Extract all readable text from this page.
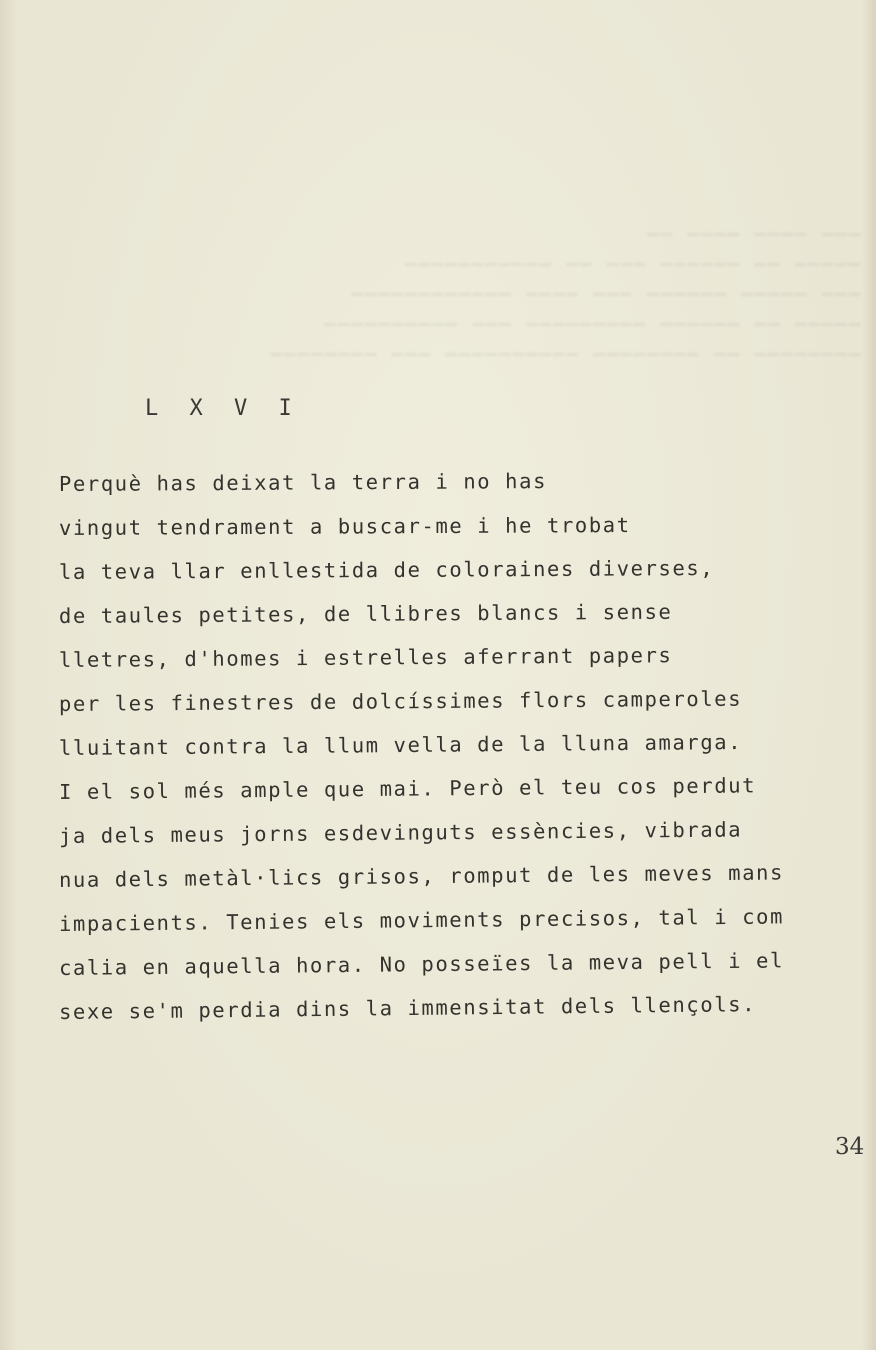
━━━ ━━━━ ━━━━ ━━
━━━━━ ━━ ━━━━━━ ━━━ ━━ ━━━━━━━━━━━
━━━ ━━━━━ ━━━━━━ ━━━ ━━━━ ━━━━━━━━━━━━
━━━━━ ━━ ━━━━━━ ━━━━━━━━━ ━━━ ━━━━━━━━━━
━━━━━━━━ ━━ ━━━━━━━━ ━━━━━━━━━━ ━━━ ━━━━━━━━
L X V I
Perquè has deixat la terra i no has
vingut tendrament a buscar-me i he trobat
la teva llar enllestida de coloraines diverses,
de taules petites, de llibres blancs i sense
lletres, d'homes i estrelles aferrant papers
per les finestres de dolcíssimes flors camperoles
lluitant contra la llum vella de la lluna amarga.
I el sol més ample que mai. Però el teu cos perdut
ja dels meus jorns esdevinguts essències, vibrada
nua dels metàl·lics grisos, romput de les meves mans
impacients. Tenies els moviments precisos, tal i com
calia en aquella hora. No posseïes la meva pell i el
sexe se'm perdia dins la immensitat dels llençols.
34
